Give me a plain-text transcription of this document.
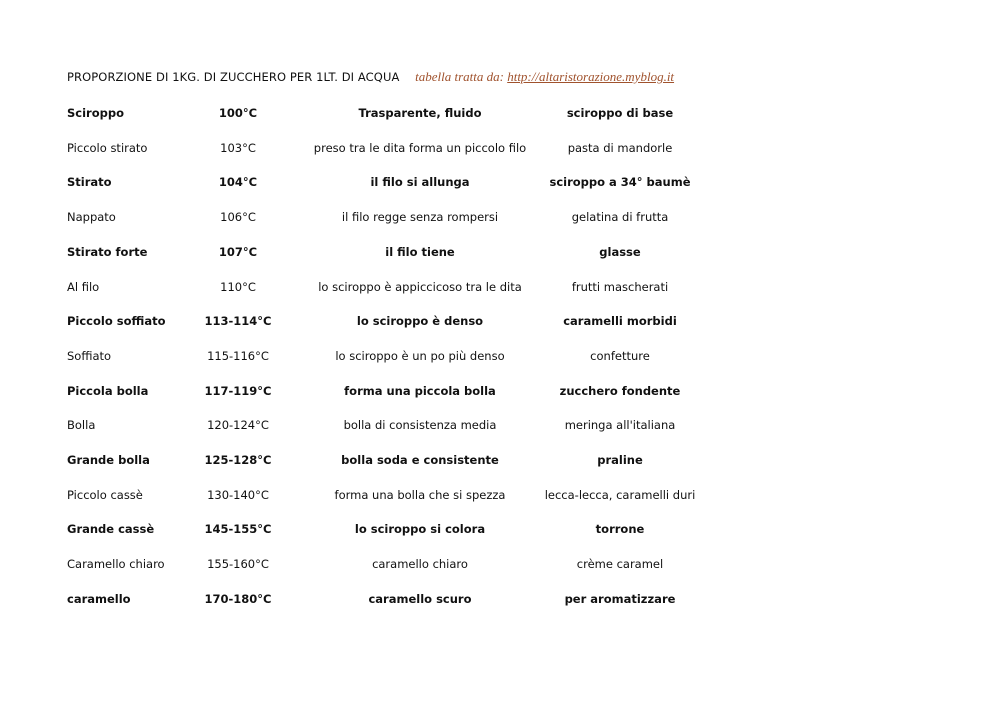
PROPORZIONE DI 1KG. DI ZUCCHERO PER 1LT. DI ACQUA tabella tratta da: http://altaristorazione.myblog.it
Sciroppo	100°C	Trasparente, fluido	sciroppo di base
Piccolo stirato	103°C	preso tra le dita forma un piccolo filo	pasta di mandorle
Stirato	104°C	il filo si allunga	sciroppo a 34° baumè
Nappato	106°C	il filo regge senza rompersi	gelatina di frutta
Stirato forte	107°C	il filo tiene	glasse
Al filo	110°C	lo sciroppo è appiccicoso tra le dita	frutti mascherati
Piccolo soffiato	113-114°C	lo sciroppo è denso	caramelli morbidi
Soffiato	115-116°C	lo sciroppo è un po più denso	confetture
Piccola bolla	117-119°C	forma una piccola bolla	zucchero fondente
Bolla	120-124°C	bolla di consistenza media	meringa all'italiana
Grande bolla	125-128°C	bolla soda e consistente	praline
Piccolo cassè	130-140°C	forma una bolla che si spezza	lecca-lecca, caramelli duri
Grande cassè	145-155°C	lo sciroppo si colora	torrone
Caramello chiaro	155-160°C	caramello chiaro	crème caramel
caramello	170-180°C	caramello scuro	per aromatizzare
